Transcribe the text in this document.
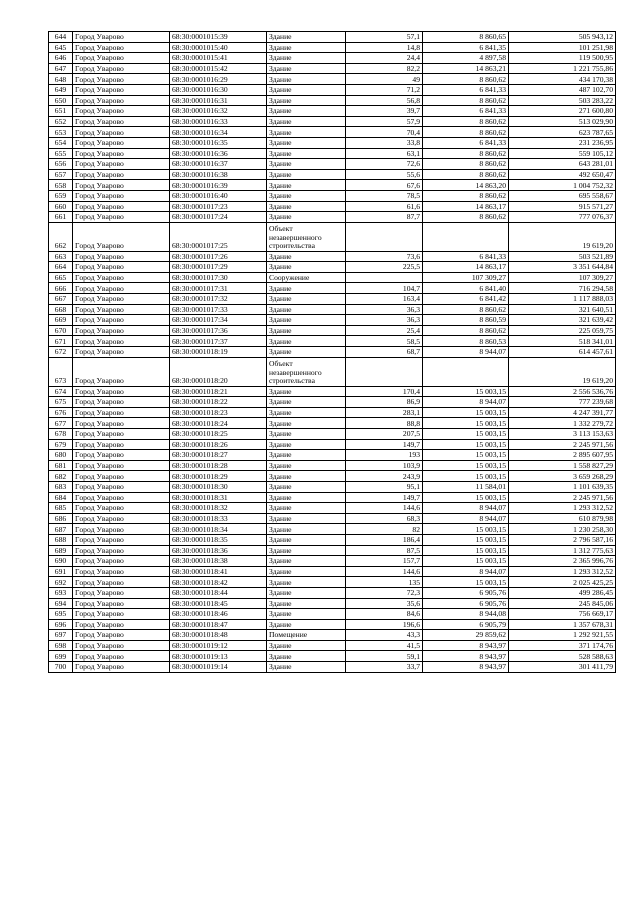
644	Город Уварово	68:30:0001015:39	Здание	57,1	8 860,65	505 943,12
645	Город Уварово	68:30:0001015:40	Здание	14,8	6 841,35	101 251,98
646	Город Уварово	68:30:0001015:41	Здание	24,4	4 897,58	119 500,95
647	Город Уварово	68:30:0001015:42	Здание	82,2	14 863,21	1 221 755,86
648	Город Уварово	68:30:0001016:29	Здание	49	8 860,62	434 170,38
649	Город Уварово	68:30:0001016:30	Здание	71,2	6 841,33	487 102,70
650	Город Уварово	68:30:0001016:31	Здание	56,8	8 860,62	503 283,22
651	Город Уварово	68:30:0001016:32	Здание	39,7	6 841,33	271 600,80
652	Город Уварово	68:30:0001016:33	Здание	57,9	8 860,62	513 029,90
653	Город Уварово	68:30:0001016:34	Здание	70,4	8 860,62	623 787,65
654	Город Уварово	68:30:0001016:35	Здание	33,8	6 841,33	231 236,95
655	Город Уварово	68:30:0001016:36	Здание	63,1	8 860,62	559 105,12
656	Город Уварово	68:30:0001016:37	Здание	72,6	8 860,62	643 281,01
657	Город Уварово	68:30:0001016:38	Здание	55,6	8 860,62	492 650,47
658	Город Уварово	68:30:0001016:39	Здание	67,6	14 863,20	1 004 752,32
659	Город Уварово	68:30:0001016:40	Здание	78,5	8 860,62	695 558,67
660	Город Уварово	68:30:0001017:23	Здание	61,6	14 863,17	915 571,27
661	Город Уварово	68:30:0001017:24	Здание	87,7	8 860,62	777 076,37
662	Город Уварово	68:30:0001017:25	Объект незавершенного строительства			19 619,20
663	Город Уварово	68:30:0001017:26	Здание	73,6	6 841,33	503 521,89
664	Город Уварово	68:30:0001017:29	Здание	225,5	14 863,17	3 351 644,84
665	Город Уварово	68:30:0001017:30	Сооружение		107 309,27	107 309,27
666	Город Уварово	68:30:0001017:31	Здание	104,7	6 841,40	716 294,58
667	Город Уварово	68:30:0001017:32	Здание	163,4	6 841,42	1 117 888,03
668	Город Уварово	68:30:0001017:33	Здание	36,3	8 860,62	321 640,51
669	Город Уварово	68:30:0001017:34	Здание	36,3	8 860,59	321 639,42
670	Город Уварово	68:30:0001017:36	Здание	25,4	8 860,62	225 059,75
671	Город Уварово	68:30:0001017:37	Здание	58,5	8 860,53	518 341,01
672	Город Уварово	68:30:0001018:19	Здание	68,7	8 944,07	614 457,61
673	Город Уварово	68:30:0001018:20	Объект незавершенного строительства			19 619,20
674	Город Уварово	68:30:0001018:21	Здание	170,4	15 003,15	2 556 536,76
675	Город Уварово	68:30:0001018:22	Здание	86,9	8 944,07	777 239,68
676	Город Уварово	68:30:0001018:23	Здание	283,1	15 003,15	4 247 391,77
677	Город Уварово	68:30:0001018:24	Здание	88,8	15 003,15	1 332 279,72
678	Город Уварово	68:30:0001018:25	Здание	207,5	15 003,15	3 113 153,63
679	Город Уварово	68:30:0001018:26	Здание	149,7	15 003,15	2 245 971,56
680	Город Уварово	68:30:0001018:27	Здание	193	15 003,15	2 895 607,95
681	Город Уварово	68:30:0001018:28	Здание	103,9	15 003,15	1 558 827,29
682	Город Уварово	68:30:0001018:29	Здание	243,9	15 003,15	3 659 268,29
683	Город Уварово	68:30:0001018:30	Здание	95,1	11 584,01	1 101 639,35
684	Город Уварово	68:30:0001018:31	Здание	149,7	15 003,15	2 245 971,56
685	Город Уварово	68:30:0001018:32	Здание	144,6	8 944,07	1 293 312,52
686	Город Уварово	68:30:0001018:33	Здание	68,3	8 944,07	610 879,98
687	Город Уварово	68:30:0001018:34	Здание	82	15 003,15	1 230 258,30
688	Город Уварово	68:30:0001018:35	Здание	186,4	15 003,15	2 796 587,16
689	Город Уварово	68:30:0001018:36	Здание	87,5	15 003,15	1 312 775,63
690	Город Уварово	68:30:0001018:38	Здание	157,7	15 003,15	2 365 996,76
691	Город Уварово	68:30:0001018:41	Здание	144,6	8 944,07	1 293 312,52
692	Город Уварово	68:30:0001018:42	Здание	135	15 003,15	2 025 425,25
693	Город Уварово	68:30:0001018:44	Здание	72,3	6 905,76	499 286,45
694	Город Уварово	68:30:0001018:45	Здание	35,6	6 905,76	245 845,06
695	Город Уварово	68:30:0001018:46	Здание	84,6	8 944,08	756 669,17
696	Город Уварово	68:30:0001018:47	Здание	196,6	6 905,79	1 357 678,31
697	Город Уварово	68:30:0001018:48	Помещение	43,3	29 859,62	1 292 921,55
698	Город Уварово	68:30:0001019:12	Здание	41,5	8 943,97	371 174,76
699	Город Уварово	68:30:0001019:13	Здание	59,1	8 943,97	528 588,63
700	Город Уварово	68:30:0001019:14	Здание	33,7	8 943,97	301 411,79
